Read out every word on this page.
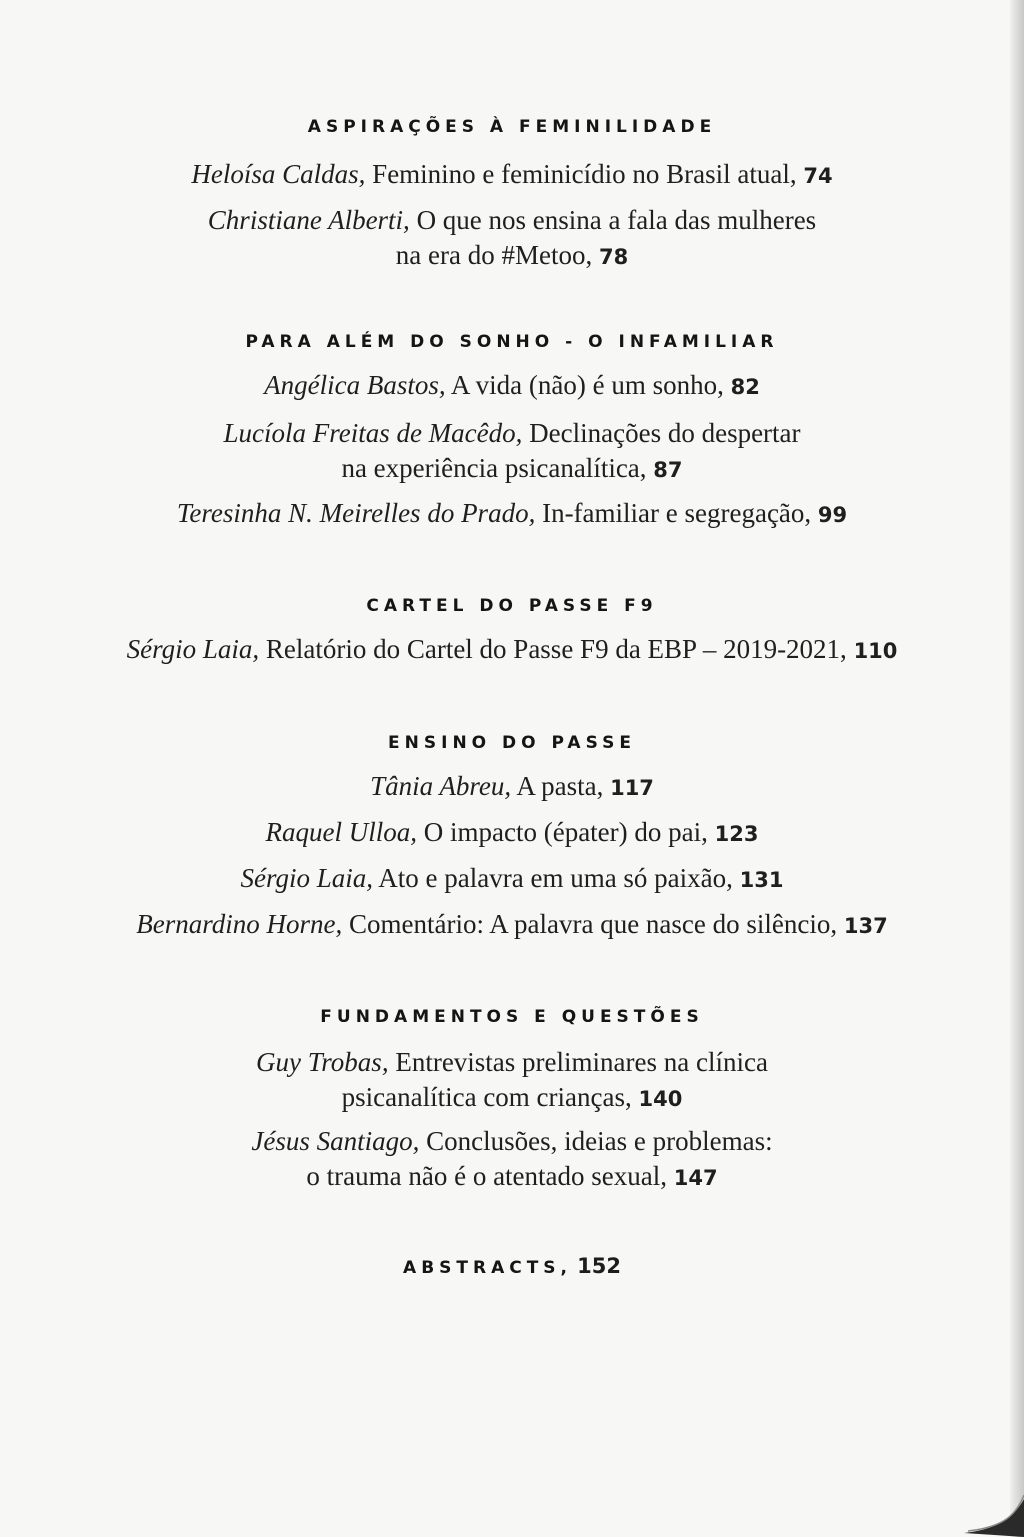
ASPIRAÇÕES À FEMINILIDADE
Heloísa Caldas, Feminino e feminicídio no Brasil atual, 74
Christiane Alberti, O que nos ensina a fala das mulheres
na era do #Metoo, 78
PARA ALÉM DO SONHO - O INFAMILIAR
Angélica Bastos, A vida (não) é um sonho, 82
Lucíola Freitas de Macêdo, Declinações do despertar
na experiência psicanalítica, 87
Teresinha N. Meirelles do Prado, In-familiar e segregação, 99
CARTEL DO PASSE F9
Sérgio Laia, Relatório do Cartel do Passe F9 da EBP – 2019-2021, 110
ENSINO DO PASSE
Tânia Abreu, A pasta, 117
Raquel Ulloa, O impacto (épater) do pai, 123
Sérgio Laia, Ato e palavra em uma só paixão, 131
Bernardino Horne, Comentário: A palavra que nasce do silêncio, 137
FUNDAMENTOS E QUESTÕES
Guy Trobas, Entrevistas preliminares na clínica
psicanalítica com crianças, 140
Jésus Santiago, Conclusões, ideias e problemas:
o trauma não é o atentado sexual, 147
ABSTRACTS, 152
